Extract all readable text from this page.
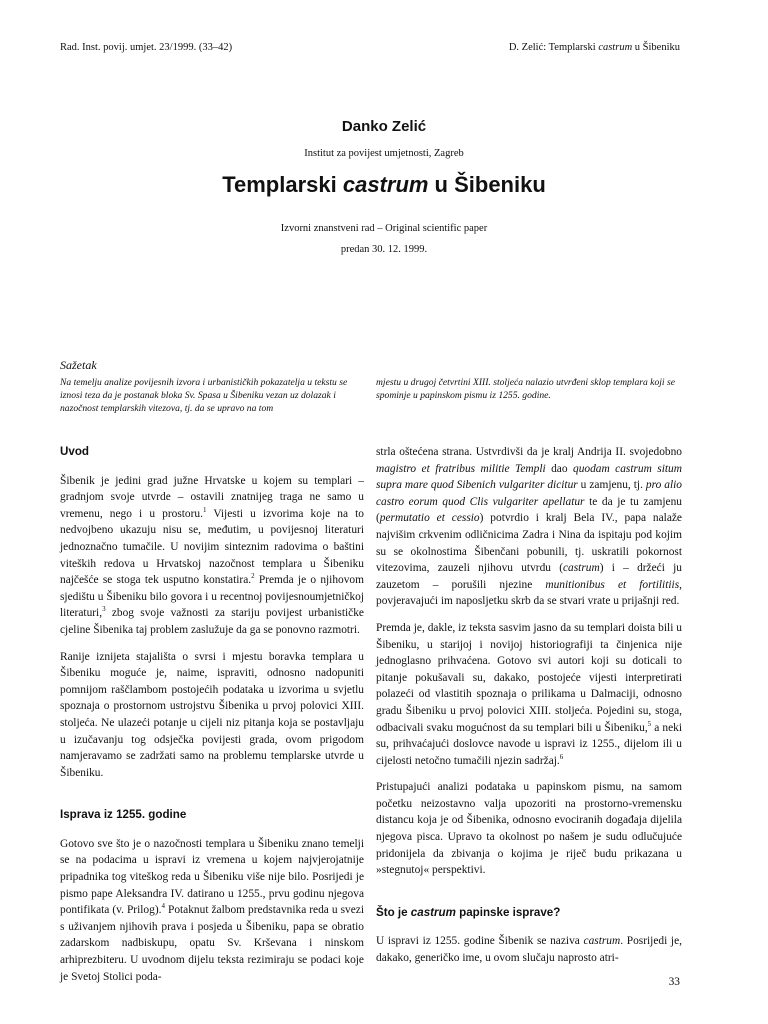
Rad. Inst. povij. umjet. 23/1999. (33–42)	D. Zelić: Templarski castrum u Šibeniku
Danko Zelić
Institut za povijest umjetnosti, Zagreb
Templarski castrum u Šibeniku
Izvorni znanstveni rad – Original scientific paper
predan 30. 12. 1999.
Sažetak
Na temelju analize povijesnih izvora i urbanističkih pokazatelja u tekstu se iznosi teza da je postanak bloka Sv. Spasa u Šibeniku vezan uz dolazak i nazočnost templarskih vitezova, tj. da se upravo na tom
mjestu u drugoj četvrtini XIII. stoljeća nalazio utvrđeni sklop templara koji se spominje u papinskom pismu iz 1255. godine.
Uvod

Šibenik je jedini grad južne Hrvatske u kojem su templari – gradnjom svoje utvrde – ostavili znatnijeg traga ne samo u vremenu, nego i u prostoru.$^1$ Vijesti u izvorima koje na to nedvojbeno ukazuju nisu se, međutim, u povijesnoj literaturi jednoznačno tumačile. U novijim sinteznim radovima o baštini viteških redova u Hrvatskoj nazočnost templara u Šibeniku najčešće se stoga tek usputno konstatira.$^2$ Premda je o njihovom sjedištu u Šibeniku bilo govora i u recentnoj povijesnoumjetničkoj literaturi,$^3$ zbog svoje važnosti za stariju povijest urbanističke cjeline Šibenika taj problem zaslužuje da ga se ponovno razmotri.

Ranije iznijeta stajališta o svrsi i mjestu boravka templara u Šibeniku moguće je, naime, ispraviti, odnosno nadopuniti pomnijom raščlambom postojećih podataka u izvorima u svjetlu spoznaja o prostornom ustrojstvu Šibenika u prvoj polovici XIII. stoljeća. Ne ulazeći potanje u cijeli niz pitanja koja se postavljaju u izučavanju tog odsječka povijesti grada, ovom prigodom namjeravamo se zadržati samo na problemu templarske utvrde u Šibeniku.

Isprava iz 1255. godine

Gotovo sve što je o nazočnosti templara u Šibeniku znano temelji se na podacima u ispravi iz vremena u kojem najvjerojatnije pripadnika tog viteškog reda u Šibeniku više nije bilo. Posrijedi je pismo pape Aleksandra IV. datirano u 1255., prvu godinu njegova pontifikata (v. Prilog).$^4$ Potaknut žalbom predstavnika reda u svezi s uživanjem njihovih prava i posjeda u Šibeniku, papa se obratio zadarskom nadbiskupu, opatu Sv. Krševana i ninskom arhiprezbiteru. U uvodnom dijelu teksta rezimiraju se podaci koje je Svetoj Stolici poda-

strla oštećena strana. Ustvrdivši da je kralj Andrija II. svojedobno magistro et fratribus militie Templi dao quodam castrum situm supra mare quod Sibenich vulgariter dicitur u zamjenu, tj. pro alio castro eorum quod Clis vulgariter apellatur te da je tu zamjenu (permutatio et cessio) potvrdio i kralj Bela IV., papa nalaže najvišim crkvenim odličnicima Zadra i Nina da ispitaju pod kojim su se okolnostima Šibenčani pobunili, tj. uskratili pokornost vitezovima, zauzeli njihovu utvrdu (castrum) i – držeći ju zauzetom – porušili njezine munitionibus et fortilitiis, povjeravajući im naposljetku skrb da se stvari vrate u prijašnji red.

Premda je, dakle, iz teksta sasvim jasno da su templari doista bili u Šibeniku, u starijoj i novijoj historiografiji ta činjenica nije jednoglasno prihvaćena. Gotovo svi autori koji su doticali to pitanje pokušavali su, dakako, postojeće vijesti interpretirati polazeći od vlastitih spoznaja o prilikama u Dalmaciji, odnosno gradu Šibeniku u prvoj polovici XIII. stoljeća. Pojedini su, stoga, odbacivali svaku mogućnost da su templari bili u Šibeniku,$^5$ a neki su, prihvaćajući doslovce navode u ispravi iz 1255., dijelom ili u cijelosti netočno tumačili njezin sadržaj.$^6$

Pristupajući analizi podataka u papinskom pismu, na samom početku neizostavno valja upozoriti na prostorno-vremensku distancu koja je od Šibenika, odnosno evociranih događaja dijelila njegova pisca. Upravo ta okolnost po našem je sudu odlučujuće pridonijela da zbivanja o kojima je riječ budu prikazana u »stegnutoj« perspektivi.

Što je castrum papinske isprave?

U ispravi iz 1255. godine Šibenik se naziva castrum. Posrijedi je, dakako, generičko ime, u ovom slučaju naprosto atri-

33
